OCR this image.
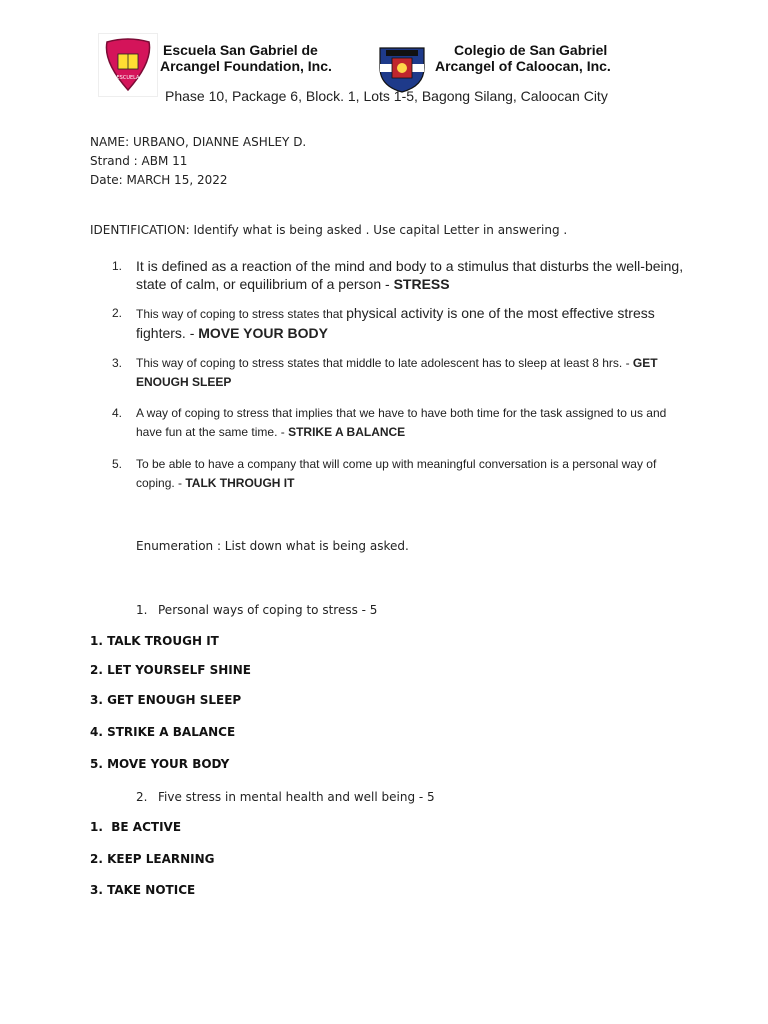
ESCUELA
Escuela San Gabriel de
Arcangel Foundation, Inc.
Colegio de San Gabriel
Arcangel of Caloocan, Inc.
Phase 10, Package 6, Block. 1, Lots 1-5, Bagong Silang, Caloocan City
NAME: URBANO, DIANNE ASHLEY D.
Strand : ABM 11
Date: MARCH 15, 2022
IDENTIFICATION: Identify what is being asked . Use capital Letter in answering .
1. It is defined as a reaction of the mind and body to a stimulus that disturbs the well-being, state of calm, or equilibrium of a person - STRESS
2. This way of coping to stress states that physical activity is one of the most effective stress fighters. - MOVE YOUR BODY
3. This way of coping to stress states that middle to late adolescent has to sleep at least 8 hrs. - GET ENOUGH SLEEP
4. A way of coping to stress that implies that we have to have both time for the task assigned to us and have fun at the same time. - STRIKE A BALANCE
5. To be able to have a company that will come up with meaningful conversation is a personal way of coping. - TALK THROUGH IT
Enumeration : List down what is being asked.
1. Personal ways of coping to stress - 5
1. TALK TROUGH IT
2. LET YOURSELF SHINE
3. GET ENOUGH SLEEP
4. STRIKE A BALANCE
5. MOVE YOUR BODY
2. Five stress in mental health and well being - 5
1.  BE ACTIVE
2. KEEP LEARNING
3. TAKE NOTICE
